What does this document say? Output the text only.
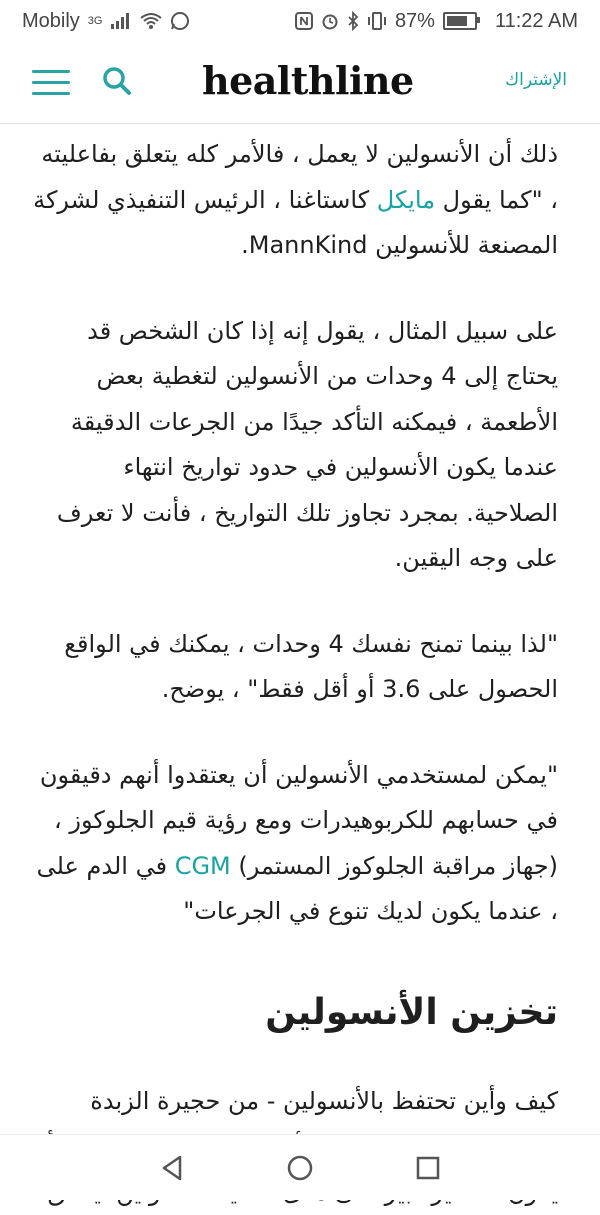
Mobily 3G	87%	11:22 AM
healthline	الإشتراك

ذلك أن الأنسولين لا يعمل ، فالأمر كله يتعلق بفاعليته ، "كما يقول مايكل كاستاغنا ، الرئيس التنفيذي لشركة المصنعة للأنسولين MannKind.

على سبيل المثال ، يقول إنه إذا كان الشخص قد يحتاج إلى 4 وحدات من الأنسولين لتغطية بعض الأطعمة ، فيمكنه التأكد جيدًا من الجرعات الدقيقة عندما يكون الأنسولين في حدود تواريخ انتهاء الصلاحية. بمجرد تجاوز تلك التواريخ ، فأنت لا تعرف على وجه اليقين.

"لذا بينما تمنح نفسك 4 وحدات ، يمكنك في الواقع الحصول على 3.6 أو أقل فقط" ، يوضح.

"يمكن لمستخدمي الأنسولين أن يعتقدوا أنهم دقيقون في حسابهم للكربوهيدرات ومع رؤية قيم الجلوكوز ، (جهاز مراقبة الجلوكوز المستمر) CGM في الدم على ، عندما يكون لديك تنوع في الجرعات"

تخزين الأنسولين

كيف وأين تحتفظ بالأنسولين - من حجيرة الزبدة
